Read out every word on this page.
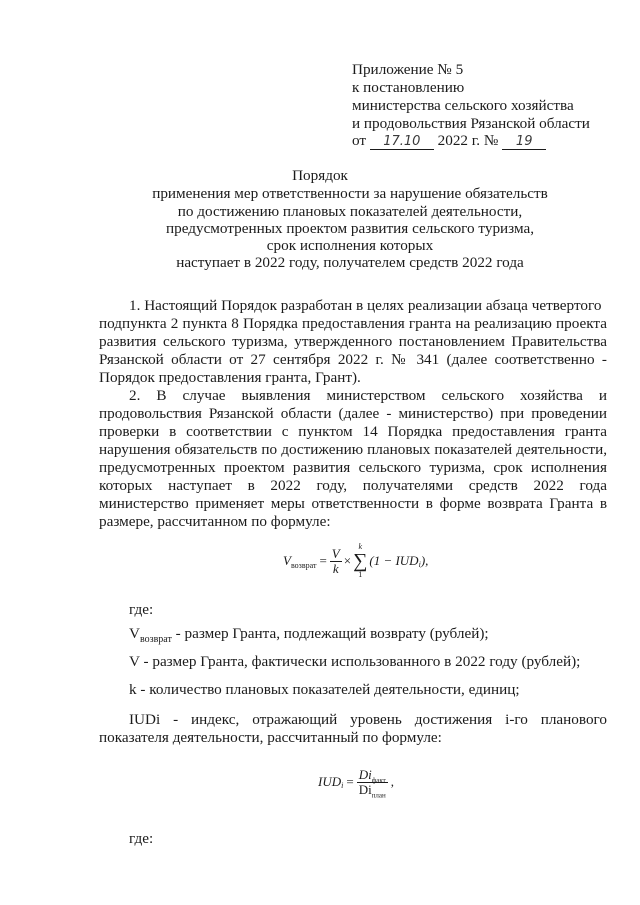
Приложение № 5
к постановлению
министерства сельского хозяйства
и продовольствия Рязанской области
от 17.10 2022 г. № 19
Порядок
применения мер ответственности за нарушение обязательств
по достижению плановых показателей деятельности,
предусмотренных проектом развития сельского туризма,
срок исполнения которых
наступает в 2022 году, получателем средств 2022 года
1. Настоящий Порядок разработан в целях реализации абзаца четвертого
подпункта 2 пункта 8 Порядка предоставления гранта на реализацию проекта
развития сельского туризма, утвержденного постановлением Правительства
Рязанской области от 27 сентября 2022 г. № 341 (далее соответственно -
Порядок предоставления гранта, Грант).
2. В случае выявления министерством сельского хозяйства и
продовольствия Рязанской области (далее - министерство) при проведении
проверки в соответствии с пунктом 14 Порядка предоставления гранта
нарушения обязательств по достижению плановых показателей деятельности,
предусмотренных проектом развития сельского туризма, срок исполнения
которых наступает в 2022 году, получателями средств 2022 года
министерство применяет меры ответственности в форме возврата Гранта в
размере, рассчитанном по формуле:
$V_{возврат} = \frac{V}{k}$ ×
k
∑
1
($1 - IUD_i$ ),
где:
$V_{возврат}$ - размер Гранта, подлежащий возврату (рублей);
V - размер Гранта, фактически использованного в 2022 году (рублей);
k - количество плановых показателей деятельности, единиц;
IUDi - индекс, отражающий уровень достижения i-го планового
показателя деятельности, рассчитанный по формуле:
$IUD_i = \frac{Di_{факт}}{Di_{план}}$ ,
где:
